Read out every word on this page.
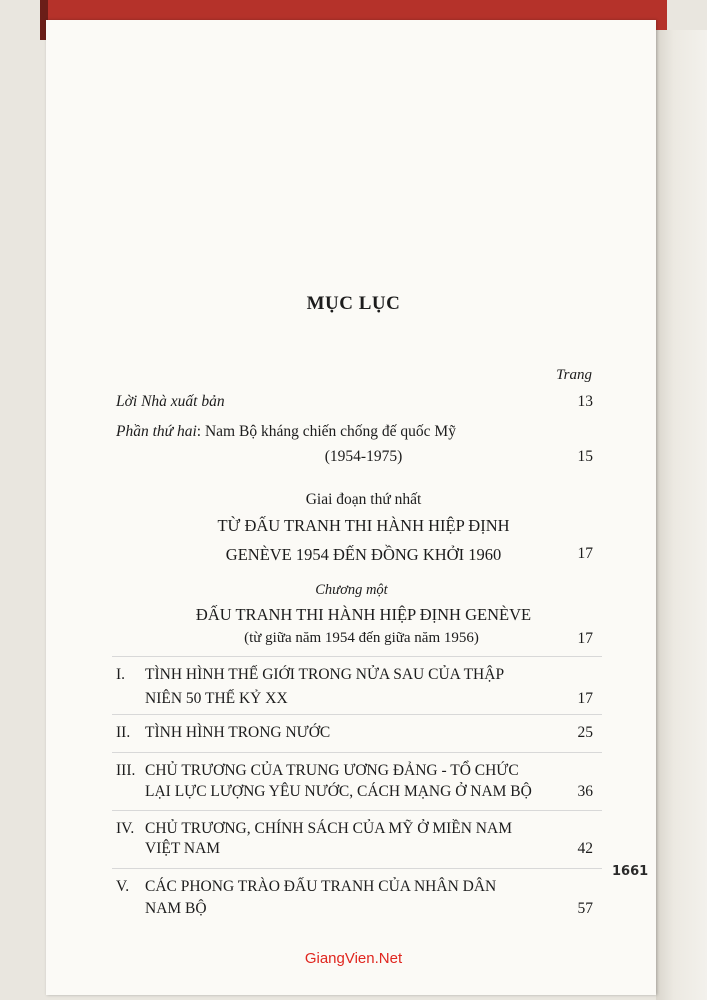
MỤC LỤC
Trang
Lời Nhà xuất bản	13
Phần thứ hai: Nam Bộ kháng chiến chống đế quốc Mỹ
(1954-1975)	15
Giai đoạn thứ nhất
TỪ ĐẤU TRANH THI HÀNH HIỆP ĐỊNH
GENÈVE 1954 ĐẾN ĐỒNG KHỞI 1960	17
Chương một
ĐẤU TRANH THI HÀNH HIỆP ĐỊNH GENÈVE
(từ giữa năm 1954 đến giữa năm 1956)	17
I. TÌNH HÌNH THẾ GIỚI TRONG NỬA SAU CỦA THẬP
NIÊN 50 THẾ KỶ XX	17
II. TÌNH HÌNH TRONG NƯỚC	25
III. CHỦ TRƯƠNG CỦA TRUNG ƯƠNG ĐẢNG - TỔ CHỨC
LẠI LỰC LƯỢNG YÊU NƯỚC, CÁCH MẠNG Ở NAM BỘ	36
IV. CHỦ TRƯƠNG, CHÍNH SÁCH CỦA MỸ Ở MIỀN NAM
VIỆT NAM	42
V. CÁC PHONG TRÀO ĐẤU TRANH CỦA NHÂN DÂN
NAM BỘ	57
1661
GiangVien.Net
